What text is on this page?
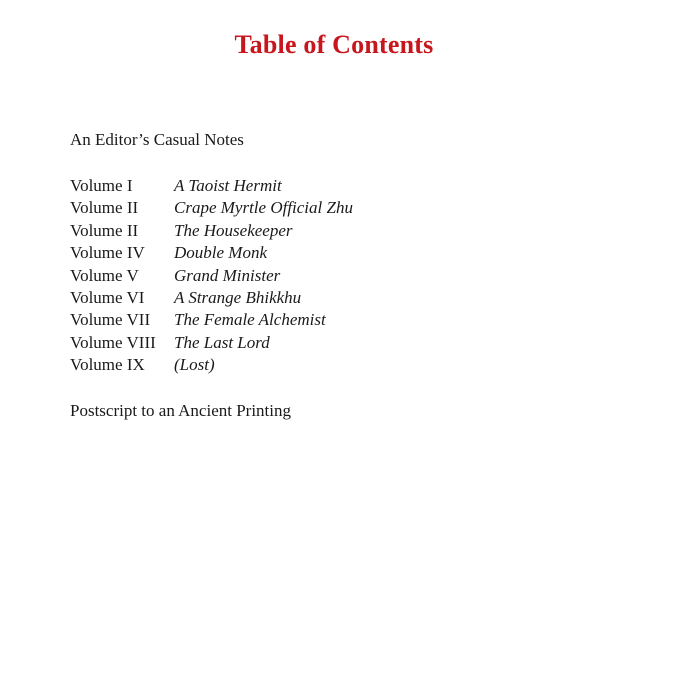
Table of Contents
An Editor’s Casual Notes
Volume I A Taoist Hermit
Volume II Crape Myrtle Official Zhu
Volume II The Housekeeper
Volume IV Double Monk
Volume V Grand Minister
Volume VI A Strange Bhikkhu
Volume VII The Female Alchemist
Volume VIII The Last Lord
Volume IX (Lost)
Postscript to an Ancient Printing
